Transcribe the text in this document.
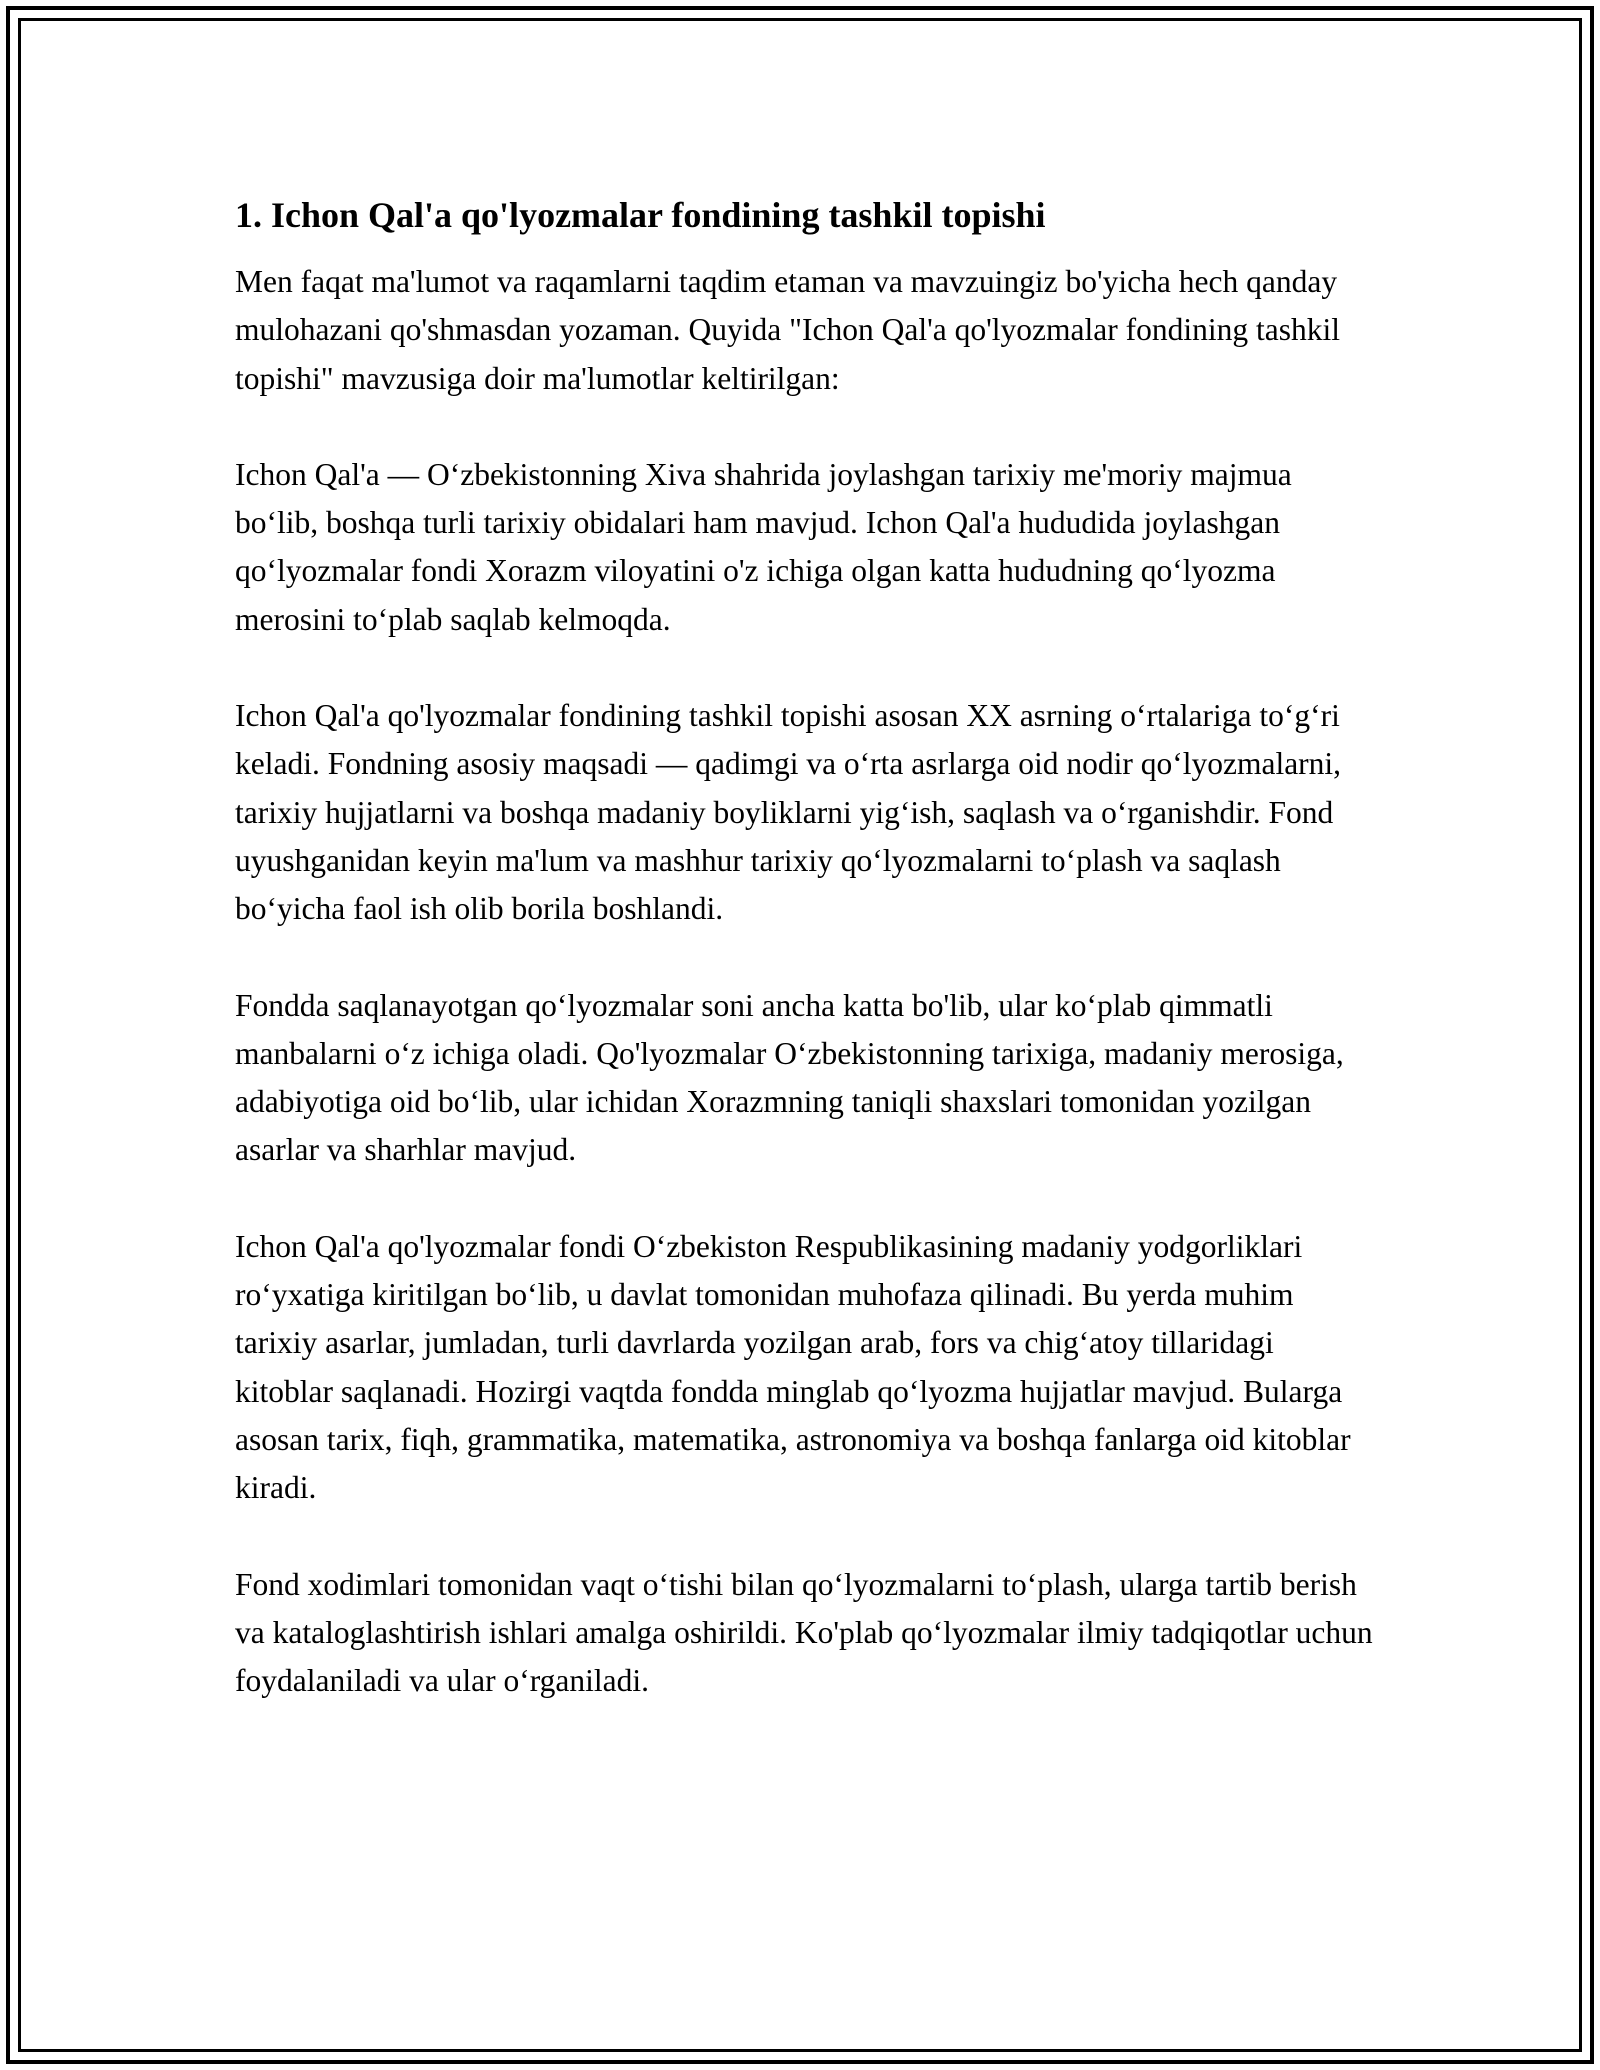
1. Ichon Qal'a qo'lyozmalar fondining tashkil topishi

Men faqat ma'lumot va raqamlarni taqdim etaman va mavzuingiz bo'yicha hech qanday mulohazani qo'shmasdan yozaman. Quyida "Ichon Qal'a qo'lyozmalar fondining tashkil topishi" mavzusiga doir ma'lumotlar keltirilgan:

Ichon Qal'a — Oʻzbekistonning Xiva shahrida joylashgan tarixiy me'moriy majmua boʻlib, boshqa turli tarixiy obidalari ham mavjud. Ichon Qal'a hududida joylashgan qoʻlyozmalar fondi Xorazm viloyatini o'z ichiga olgan katta hududning qoʻlyozma merosini toʻplab saqlab kelmoqda.

Ichon Qal'a qo'lyozmalar fondining tashkil topishi asosan XX asrning oʻrtalariga toʻgʻri keladi. Fondning asosiy maqsadi — qadimgi va oʻrta asrlarga oid nodir qoʻlyozmalarni, tarixiy hujjatlarni va boshqa madaniy boyliklarni yigʻish, saqlash va oʻrganishdir. Fond uyushganidan keyin ma'lum va mashhur tarixiy qoʻlyozmalarni toʻplash va saqlash boʻyicha faol ish olib borila boshlandi.

Fondda saqlanayotgan qoʻlyozmalar soni ancha katta bo'lib, ular koʻplab qimmatli manbalarni oʻz ichiga oladi. Qo'lyozmalar Oʻzbekistonning tarixiga, madaniy merosiga, adabiyotiga oid boʻlib, ular ichidan Xorazmning taniqli shaxslari tomonidan yozilgan asarlar va sharhlar mavjud.

Ichon Qal'a qo'lyozmalar fondi Oʻzbekiston Respublikasining madaniy yodgorliklari roʻyxatiga kiritilgan boʻlib, u davlat tomonidan muhofaza qilinadi. Bu yerda muhim tarixiy asarlar, jumladan, turli davrlarda yozilgan arab, fors va chigʻatoy tillaridagi kitoblar saqlanadi. Hozirgi vaqtda fondda minglab qoʻlyozma hujjatlar mavjud. Bularga asosan tarix, fiqh, grammatika, matematika, astronomiya va boshqa fanlarga oid kitoblar kiradi.

Fond xodimlari tomonidan vaqt oʻtishi bilan qoʻlyozmalarni toʻplash, ularga tartib berish va kataloglashtirish ishlari amalga oshirildi. Ko'plab qoʻlyozmalar ilmiy tadqiqotlar uchun foydalaniladi va ular oʻrganiladi.
